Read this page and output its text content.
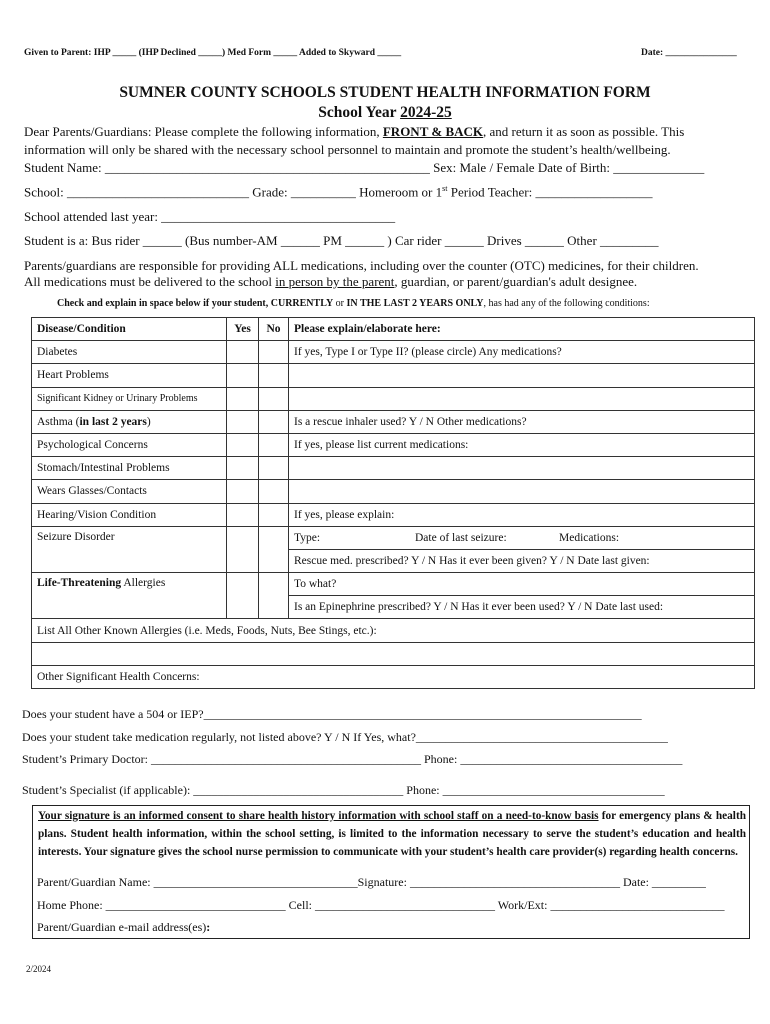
Given to Parent: IHP _____ (IHP Declined _____) Med Form _____ Added to Skyward _____	Date: _______________
SUMNER COUNTY SCHOOLS STUDENT HEALTH INFORMATION FORM
School Year 2024-25
Dear Parents/Guardians: Please complete the following information, FRONT & BACK, and return it as soon as possible. This
information will only be shared with the necessary school personnel to maintain and promote the student’s health/wellbeing.
Student Name: __________________________________________________ Sex: Male / Female Date of Birth: ______________
School: ____________________________ Grade: __________ Homeroom or 1st Period Teacher: __________________
School attended last year: ____________________________________
Student is a: Bus rider ______ (Bus number-AM ______ PM ______ ) Car rider ______ Drives ______ Other _________
Parents/guardians are responsible for providing ALL medications, including over the counter (OTC) medicines, for their children.
All medications must be delivered to the school in person by the parent, guardian, or parent/guardian's adult designee.
Check and explain in space below if your student, CURRENTLY or IN THE LAST 2 YEARS ONLY, has had any of the following conditions:
Disease/Condition	Yes	No	Please explain/elaborate here:
Diabetes			If yes, Type I or Type II? (please circle) Any medications?
Heart Problems			
Significant Kidney or Urinary Problems			
Asthma (in last 2 years)			Is a rescue inhaler used? Y / N Other medications?
Psychological Concerns			If yes, please list current medications:
Stomach/Intestinal Problems			
Wears Glasses/Contacts			
Hearing/Vision Condition			If yes, please explain:
Seizure Disorder			Type: Date of last seizure: Medications:
			Rescue med. prescribed? Y / N Has it ever been given? Y / N Date last given:
Life-Threatening Allergies			To what?
			Is an Epinephrine prescribed? Y / N Has it ever been used? Y / N Date last used:
List All Other Known Allergies (i.e. Meds, Foods, Nuts, Bee Stings, etc.):			

Other Significant Health Concerns:			
Does your student have a 504 or IEP?_________________________________________________________________________
Does your student take medication regularly, not listed above? Y / N If Yes, what?__________________________________________
Student’s Primary Doctor: _____________________________________________ Phone: _____________________________________
Student’s Specialist (if applicable): ___________________________________ Phone: _____________________________________
Your signature is an informed consent to share health history information with school staff on a need-to-know basis for emergency plans & health plans. Student health information, within the school setting, is limited to the information necessary to serve the student’s education and health interests. Your signature gives the school nurse permission to communicate with your student’s health care provider(s) regarding health concerns.
Parent/Guardian Name: __________________________________Signature: ___________________________________ Date: _________
Home Phone: ______________________________ Cell: ______________________________ Work/Ext: _____________________________
Parent/Guardian e-mail address(es):
2/2024
